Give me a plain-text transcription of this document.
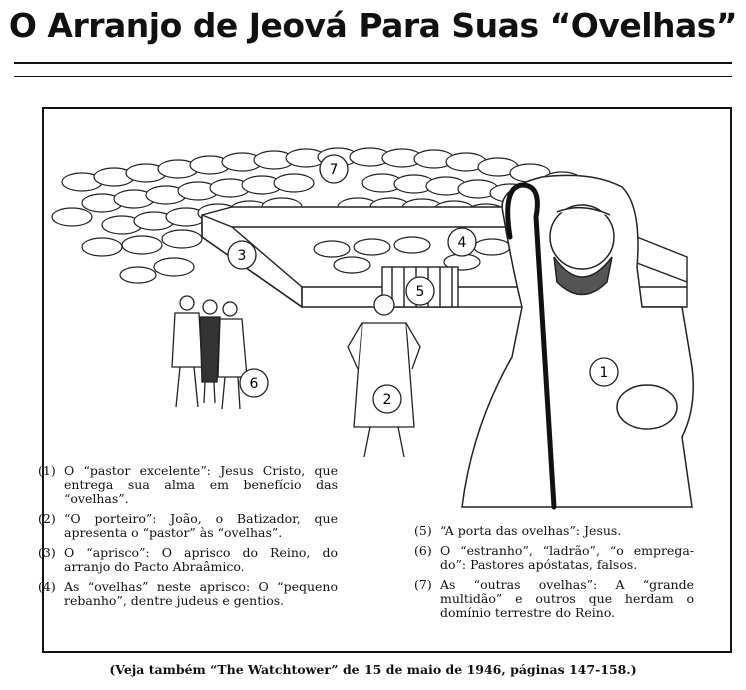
O Arranjo de Jeová Para Suas “Ovelhas”
7
3
4
5
6
2
1
(1) O “pastor excelente”: Jesus Cristo, que entrega sua alma em benefício das “ovelhas”.
(2) “O porteiro”: João, o Batizador, que apresenta o “pastor” às “ovelhas”.
(3) O “aprisco”: O aprisco do Reino, do arranjo do Pacto Abraâmico.
(4) As “ovelhas” neste aprisco: O “pequeno rebanho”, dentre judeus e gentios.
(5) “A porta das ovelhas”: Jesus.
(6) O “estranho”, “ladrão”, “o emprega-do”: Pastores apóstatas, falsos.
(7) As “outras ovelhas”: A “grande multidão” e outros que herdam o domínio terrestre do Reino.
(Veja também “The Watchtower” de 15 de maio de 1946, páginas 147-158.)
